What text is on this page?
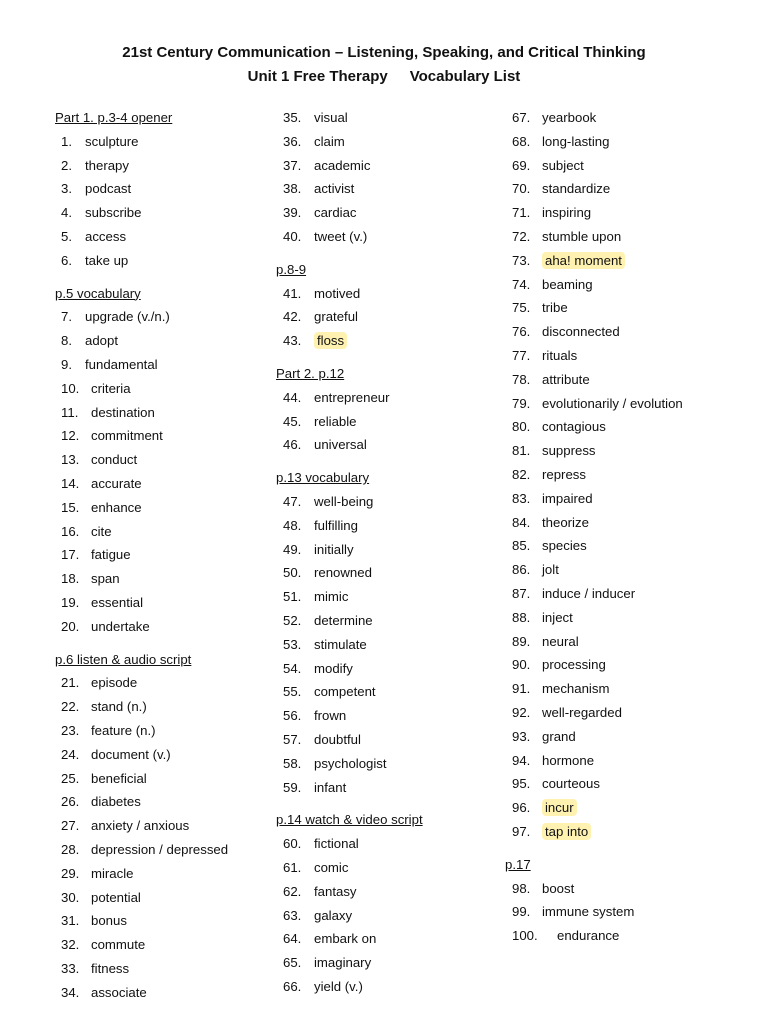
21st Century Communication – Listening, Speaking, and Critical Thinking
Unit 1 Free Therapy Vocabulary List
Part 1. p.3-4 opener
1. sculpture
2. therapy
3. podcast
4. subscribe
5. access
6. take up
p.5 vocabulary
7. upgrade (v./n.)
8. adopt
9. fundamental
10. criteria
11. destination
12. commitment
13. conduct
14. accurate
15. enhance
16. cite
17. fatigue
18. span
19. essential
20. undertake
p.6 listen & audio script
21. episode
22. stand (n.)
23. feature (n.)
24. document (v.)
25. beneficial
26. diabetes
27. anxiety / anxious
28. depression / depressed
29. miracle
30. potential
31. bonus
32. commute
33. fitness
34. associate
35. visual
36. claim
37. academic
38. activist
39. cardiac
40. tweet (v.)
p.8-9
41. motived
42. grateful
43. floss
Part 2. p.12
44. entrepreneur
45. reliable
46. universal
p.13 vocabulary
47. well-being
48. fulfilling
49. initially
50. renowned
51. mimic
52. determine
53. stimulate
54. modify
55. competent
56. frown
57. doubtful
58. psychologist
59. infant
p.14 watch & video script
60. fictional
61. comic
62. fantasy
63. galaxy
64. embark on
65. imaginary
66. yield (v.)
67. yearbook
68. long-lasting
69. subject
70. standardize
71. inspiring
72. stumble upon
73. aha! moment
74. beaming
75. tribe
76. disconnected
77. rituals
78. attribute
79. evolutionarily / evolution
80. contagious
81. suppress
82. repress
83. impaired
84. theorize
85. species
86. jolt
87. induce / inducer
88. inject
89. neural
90. processing
91. mechanism
92. well-regarded
93. grand
94. hormone
95. courteous
96. incur
97. tap into
p.17
98. boost
99. immune system
100. endurance
